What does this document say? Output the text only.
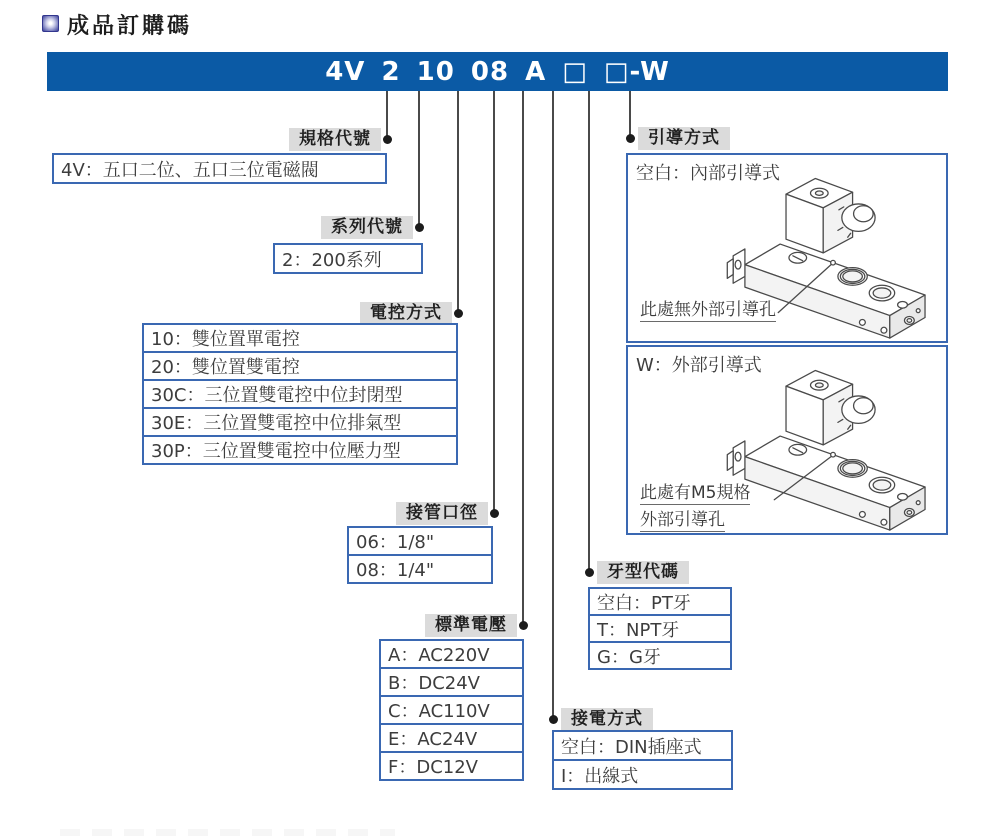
成品訂購碼
4V 2 10 08 A □ □-W
規格代號
系列代號
電控方式
接管口徑
標準電壓
牙型代碼
接電方式
引導方式
4V：五口二位、五口三位電磁閥
2：200系列
10：雙位置單電控
20：雙位置雙電控
30C：三位置雙電控中位封閉型
30E：三位置雙電控中位排氣型
30P：三位置雙電控中位壓力型
06：1/8"
08：1/4"
A：AC220V
B：DC24V
C：AC110V
E：AC24V
F：DC12V
空白：PT牙
T：NPT牙
G：G牙
空白：DIN插座式
I：出線式
空白：內部引導式
此處無外部引導孔
W：外部引導式
此處有M5規格
外部引導孔
